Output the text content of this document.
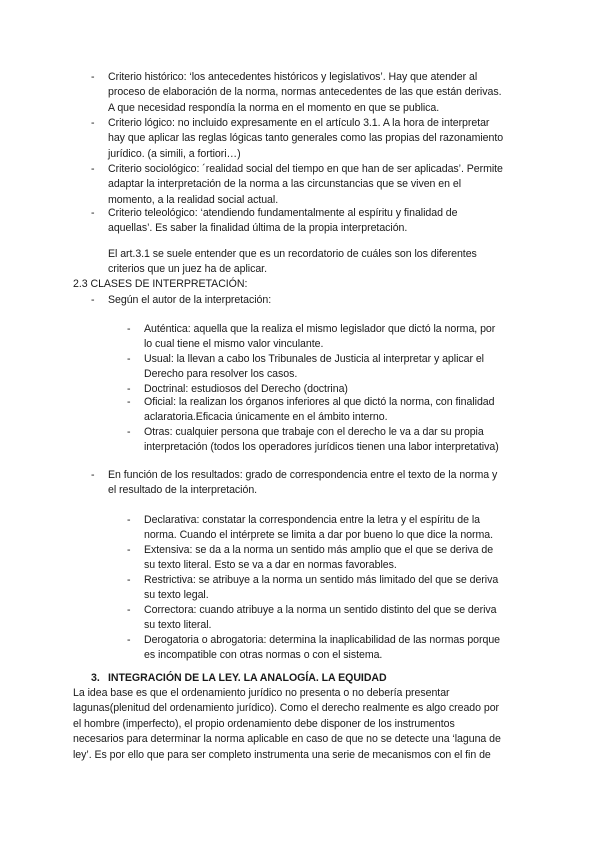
- Criterio histórico: ‘los antecedentes históricos y legislativos’. Hay que atender al
proceso de elaboración de la norma, normas antecedentes de las que están derivas.
A que necesidad respondía la norma en el momento en que se publica.
- Criterio lógico: no incluido expresamente en el artículo 3.1. A la hora de interpretar
hay que aplicar las reglas lógicas tanto generales como las propias del razonamiento
jurídico. (a simili, a fortiori…)
- Criterio sociológico: ´realidad social del tiempo en que han de ser aplicadas’. Permite
adaptar la interpretación de la norma a las circunstancias que se viven en el
momento, a la realidad social actual.
- Criterio teleológico: ‘atendiendo fundamentalmente al espíritu y finalidad de
aquellas’. Es saber la finalidad última de la propia interpretación.
El art.3.1 se suele entender que es un recordatorio de cuáles son los diferentes
criterios que un juez ha de aplicar.
2.3 CLASES DE INTERPRETACIÓN:
- Según el autor de la interpretación:
- Auténtica: aquella que la realiza el mismo legislador que dictó la norma, por
lo cual tiene el mismo valor vinculante.
- Usual: la llevan a cabo los Tribunales de Justicia al interpretar y aplicar el
Derecho para resolver los casos.
- Doctrinal: estudiosos del Derecho (doctrina)
- Oficial: la realizan los órganos inferiores al que dictó la norma, con finalidad
aclaratoria.Eficacia únicamente en el ámbito interno.
- Otras: cualquier persona que trabaje con el derecho le va a dar su propia
interpretación (todos los operadores jurídicos tienen una labor interpretativa)
- En función de los resultados: grado de correspondencia entre el texto de la norma y
el resultado de la interpretación.
- Declarativa: constatar la correspondencia entre la letra y el espíritu de la
norma. Cuando el intérprete se limita a dar por bueno lo que dice la norma.
- Extensiva: se da a la norma un sentido más amplio que el que se deriva de
su texto literal. Esto se va a dar en normas favorables.
- Restrictiva: se atribuye a la norma un sentido más limitado del que se deriva
su texto legal.
- Correctora: cuando atribuye a la norma un sentido distinto del que se deriva
su texto literal.
- Derogatoria o abrogatoria: determina la inaplicabilidad de las normas porque
es incompatible con otras normas o con el sistema.
3. INTEGRACIÓN DE LA LEY. LA ANALOGÍA. LA EQUIDAD
La idea base es que el ordenamiento jurídico no presenta o no debería presentar
lagunas(plenitud del ordenamiento jurídico). Como el derecho realmente es algo creado por
el hombre (imperfecto), el propio ordenamiento debe disponer de los instrumentos
necesarios para determinar la norma aplicable en caso de que no se detecte una ‘laguna de
ley’. Es por ello que para ser completo instrumenta una serie de mecanismos con el fin de
